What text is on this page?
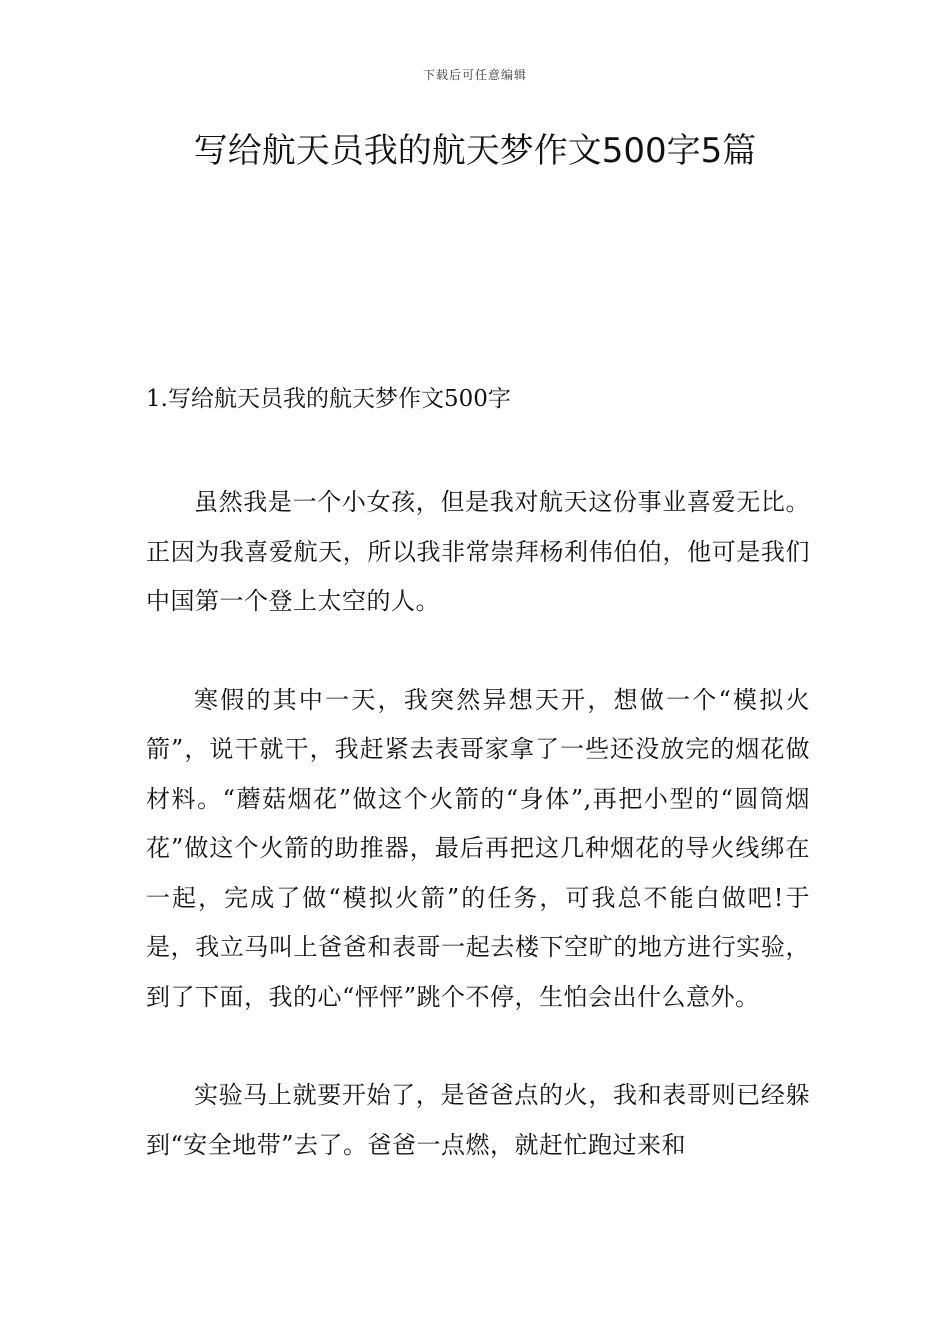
下载后可任意编辑
写给航天员我的航天梦作文500字5篇
1.写给航天员我的航天梦作文500字

虽然我是一个小女孩，但是我对航天这份事业喜爱无比。正因为我喜爱航天，所以我非常崇拜杨利伟伯伯，他可是我们中国第一个登上太空的人。

寒假的其中一天，我突然异想天开，想做一个“模拟火箭”，说干就干，我赶紧去表哥家拿了一些还没放完的烟花做材料。“蘑菇烟花”做这个火箭的“身体”,再把小型的“圆筒烟花”做这个火箭的助推器，最后再把这几种烟花的导火线绑在一起，完成了做“模拟火箭”的任务，可我总不能白做吧!于是，我立马叫上爸爸和表哥一起去楼下空旷的地方进行实验，到了下面，我的心“怦怦”跳个不停，生怕会出什么意外。

实验马上就要开始了，是爸爸点的火，我和表哥则已经躲到“安全地带”去了。爸爸一点燃，就赶忙跑过来和
